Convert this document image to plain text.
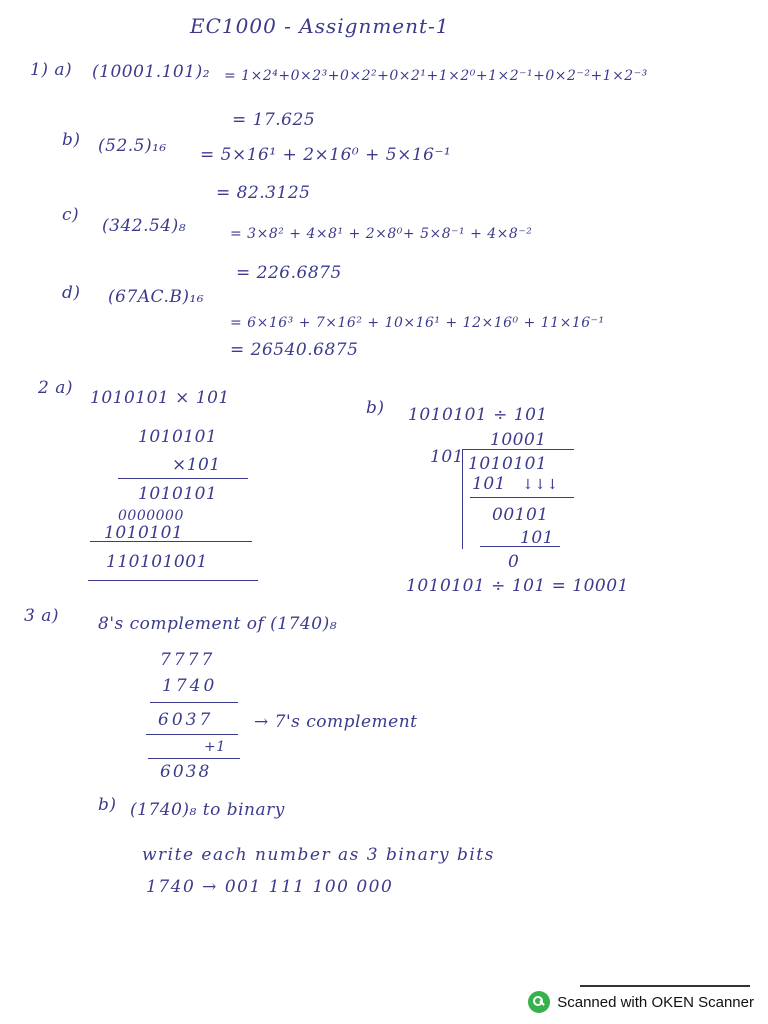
EC1000 - Assignment-1
1) a) (10001.101)₂ = 1×2⁴+0×2³+0×2²+0×2¹+1×2⁰+1×2⁻¹+0×2⁻²+1×2⁻³
= 17.625
b) (52.5)₁₆ = 5×16¹ + 2×16⁰ + 5×16⁻¹
= 82.3125
c)
(342.54)₈	= 3×8² + 4×8¹ + 2×8⁰+ 5×8⁻¹ + 4×8⁻²
= 226.6875
d) (67AC.B)₁₆
= 6×16³ + 7×16² + 10×16¹ + 12×16⁰ + 11×16⁻¹
= 26540.6875
2 a) 1010101 × 101
1010101
×101
1010101
0000000
1010101
110101001
b) 1010101 ÷ 101
10001
101 1010101
101 ↓↓↓
00101
101
0
1010101 ÷ 101 = 10001
3 a) 8's complement of (1740)₈
7777
1740
6037 → 7's complement
+1
6038
b) (1740)₈ to binary
write each number as 3 binary bits
1740 → 001 111 100 000
Scanned with OKEN Scanner
